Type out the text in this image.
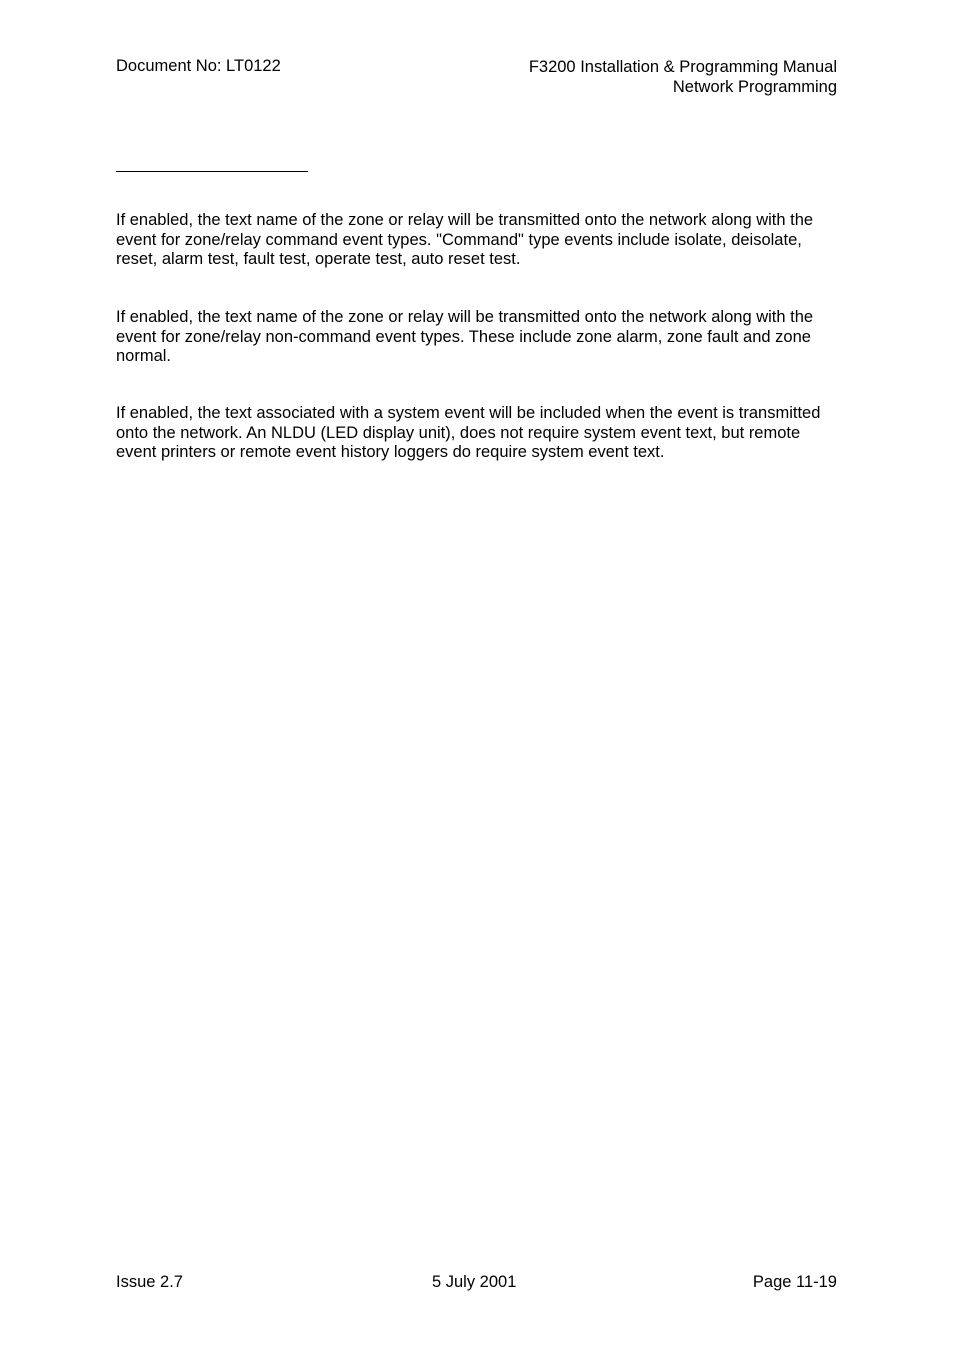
Document No: LT0122	F3200 Installation & Programming Manual
Network Programming

If enabled, the text name of the zone or relay will be transmitted onto the network along with the event for zone/relay command event types. "Command" type events include isolate, deisolate, reset, alarm test, fault test, operate test, auto reset test.

If enabled, the text name of the zone or relay will be transmitted onto the network along with the event for zone/relay non-command event types. These include zone alarm, zone fault and zone normal.

If enabled, the text associated with a system event will be included when the event is transmitted onto the network. An NLDU (LED display unit), does not require system event text, but remote event printers or remote event history loggers do require system event text.

Issue 2.7	5 July 2001	Page 11-19
